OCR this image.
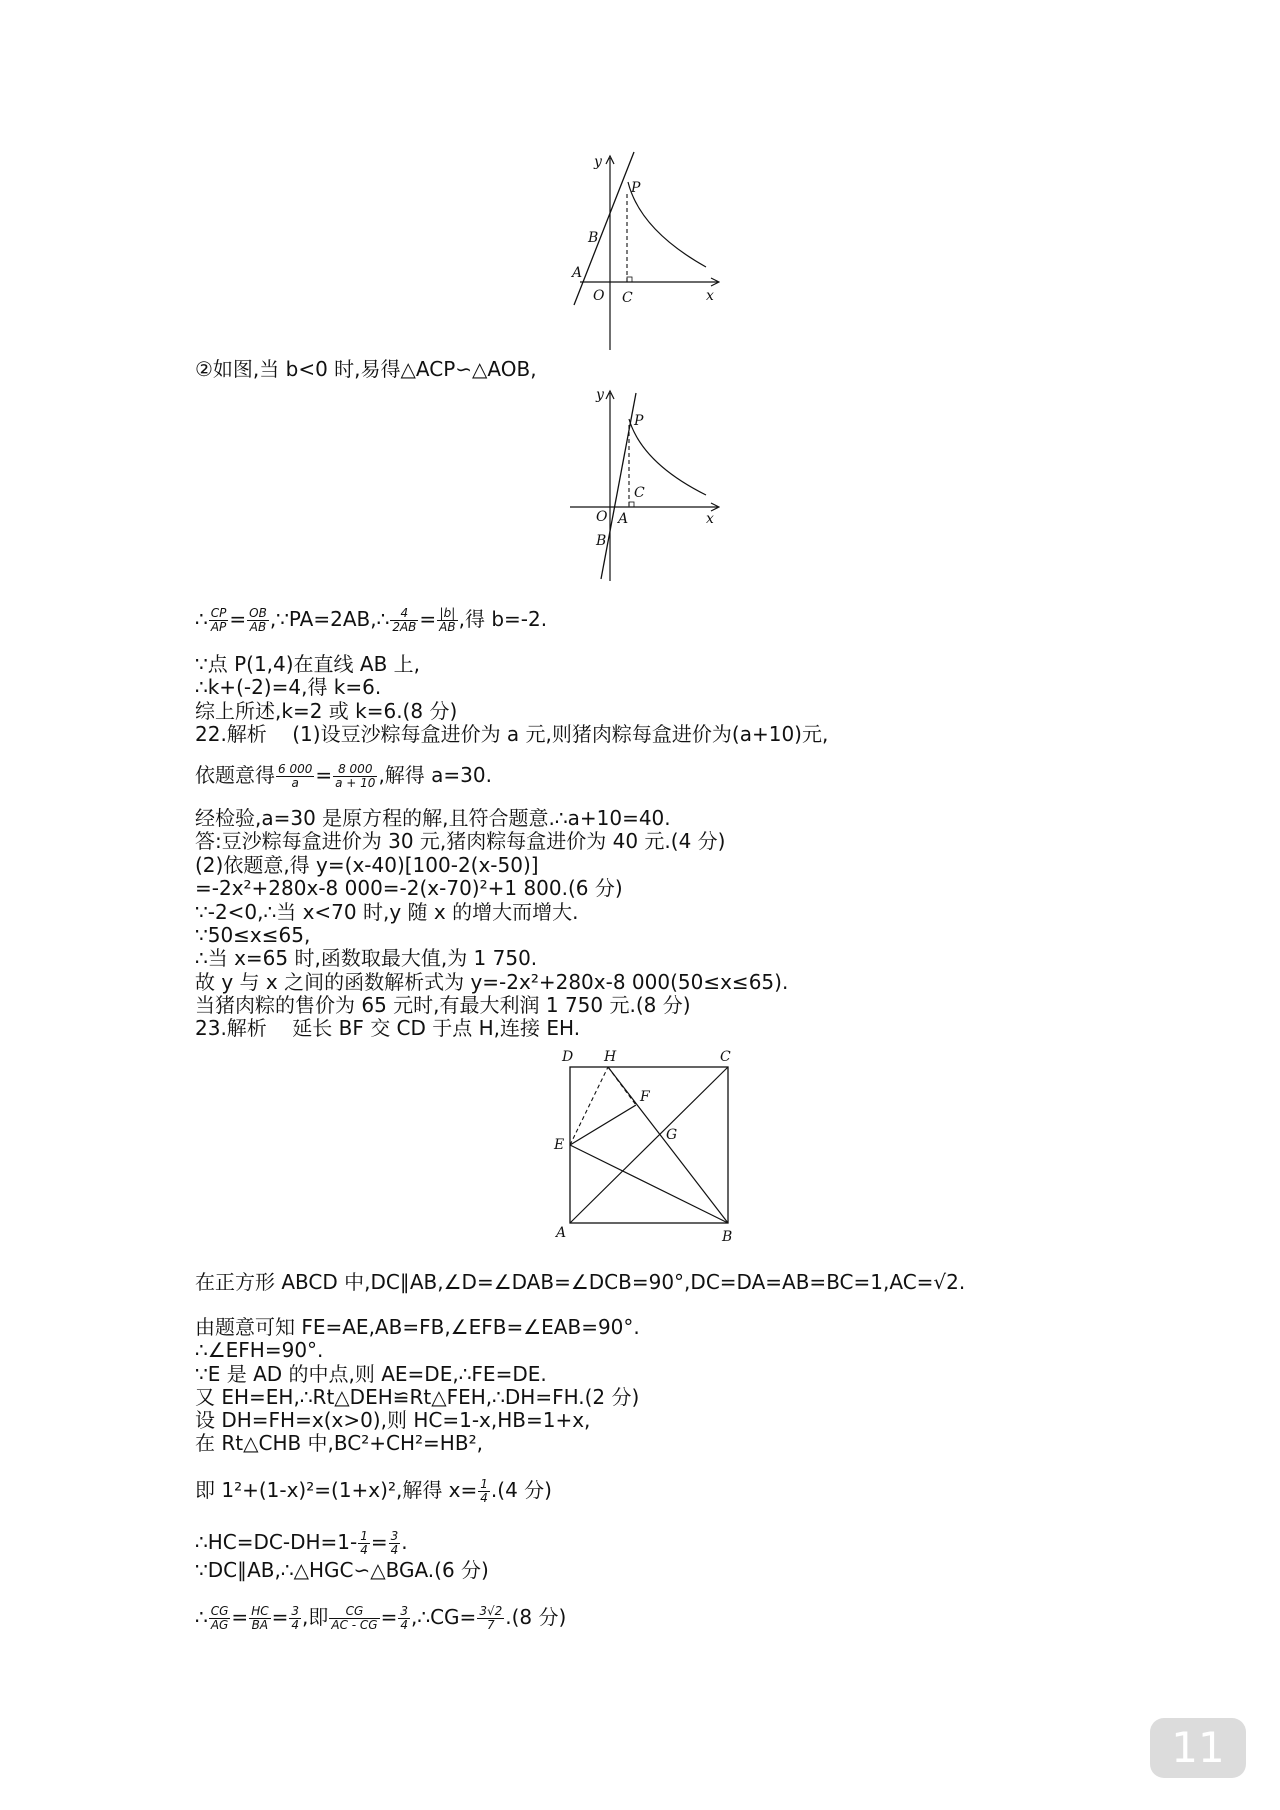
y
P
B
A
O C	x
②如图,当 b<0 时,易得△ACP∽△AOB,
y
P
C
O A
B
x
∴ $\frac{CP}{AP} = \frac{OB}{AB}$ ,∵PA=2AB,∴ $\frac{4}{2AB} = \frac{|b|}{AB}$ ,得 b=-2.
∵点 P(1,4)在直线 AB 上,
∴k+(-2)=4,得 k=6.
综上所述,k=2 或 k=6.(8 分)
22.解析 (1)设豆沙粽每盒进价为 a 元,则猪肉粽每盒进价为(a+10)元,
依题意得 $\frac{6 000}{a} = \frac{8 000}{a + 10}$ ,解得 a=30.
经检验,a=30 是原方程的解,且符合题意.∴a+10=40.
答:豆沙粽每盒进价为 30 元,猪肉粽每盒进价为 40 元.(4 分)
(2)依题意,得 y=(x-40)[100-2(x-50)]
=-2x²+280x-8 000=-2(x-70)²+1 800.(6 分)
∵-2<0,∴当 x<70 时,y 随 x 的增大而增大.
∵50≤x≤65,
∴当 x=65 时,函数取最大值,为 1 750.
故 y 与 x 之间的函数解析式为 y=-2x²+280x-8 000(50≤x≤65).
当猪肉粽的售价为 65 元时,有最大利润 1 750 元.(8 分)
23.解析 延长 BF 交 CD 于点 H,连接 EH.
D H	C
F
E
G
A	B
在正方形 ABCD 中,DC∥AB,∠D=∠DAB=∠DCB=90°,DC=DA=AB=BC=1,AC=√2.
由题意可知 FE=AE,AB=FB,∠EFB=∠EAB=90°.
∴∠EFH=90°.
∵E 是 AD 的中点,则 AE=DE,∴FE=DE.
又 EH=EH,∴Rt△DEH≌Rt△FEH,∴DH=FH.(2 分)
设 DH=FH=x(x>0),则 HC=1-x,HB=1+x,
在 Rt△CHB 中,BC²+CH²=HB²,
即 1²+(1-x)²=(1+x)²,解得 $x= \frac{1}{4} .(4$ 分)
∴HC=DC-DH=1- $\frac{1}{4} = \frac{3}{4}$ .
∵DC∥AB,∴△HGC∽△BGA.(6 分)
∴ $\frac{CG}{AG} = \frac{HC}{BA} = \frac{3}{4}$ ,即 $\frac{CG}{AC - CG} = \frac{3}{4}$ ,∴CG= $\frac{3√2}{7} .(8$ 分)
11
